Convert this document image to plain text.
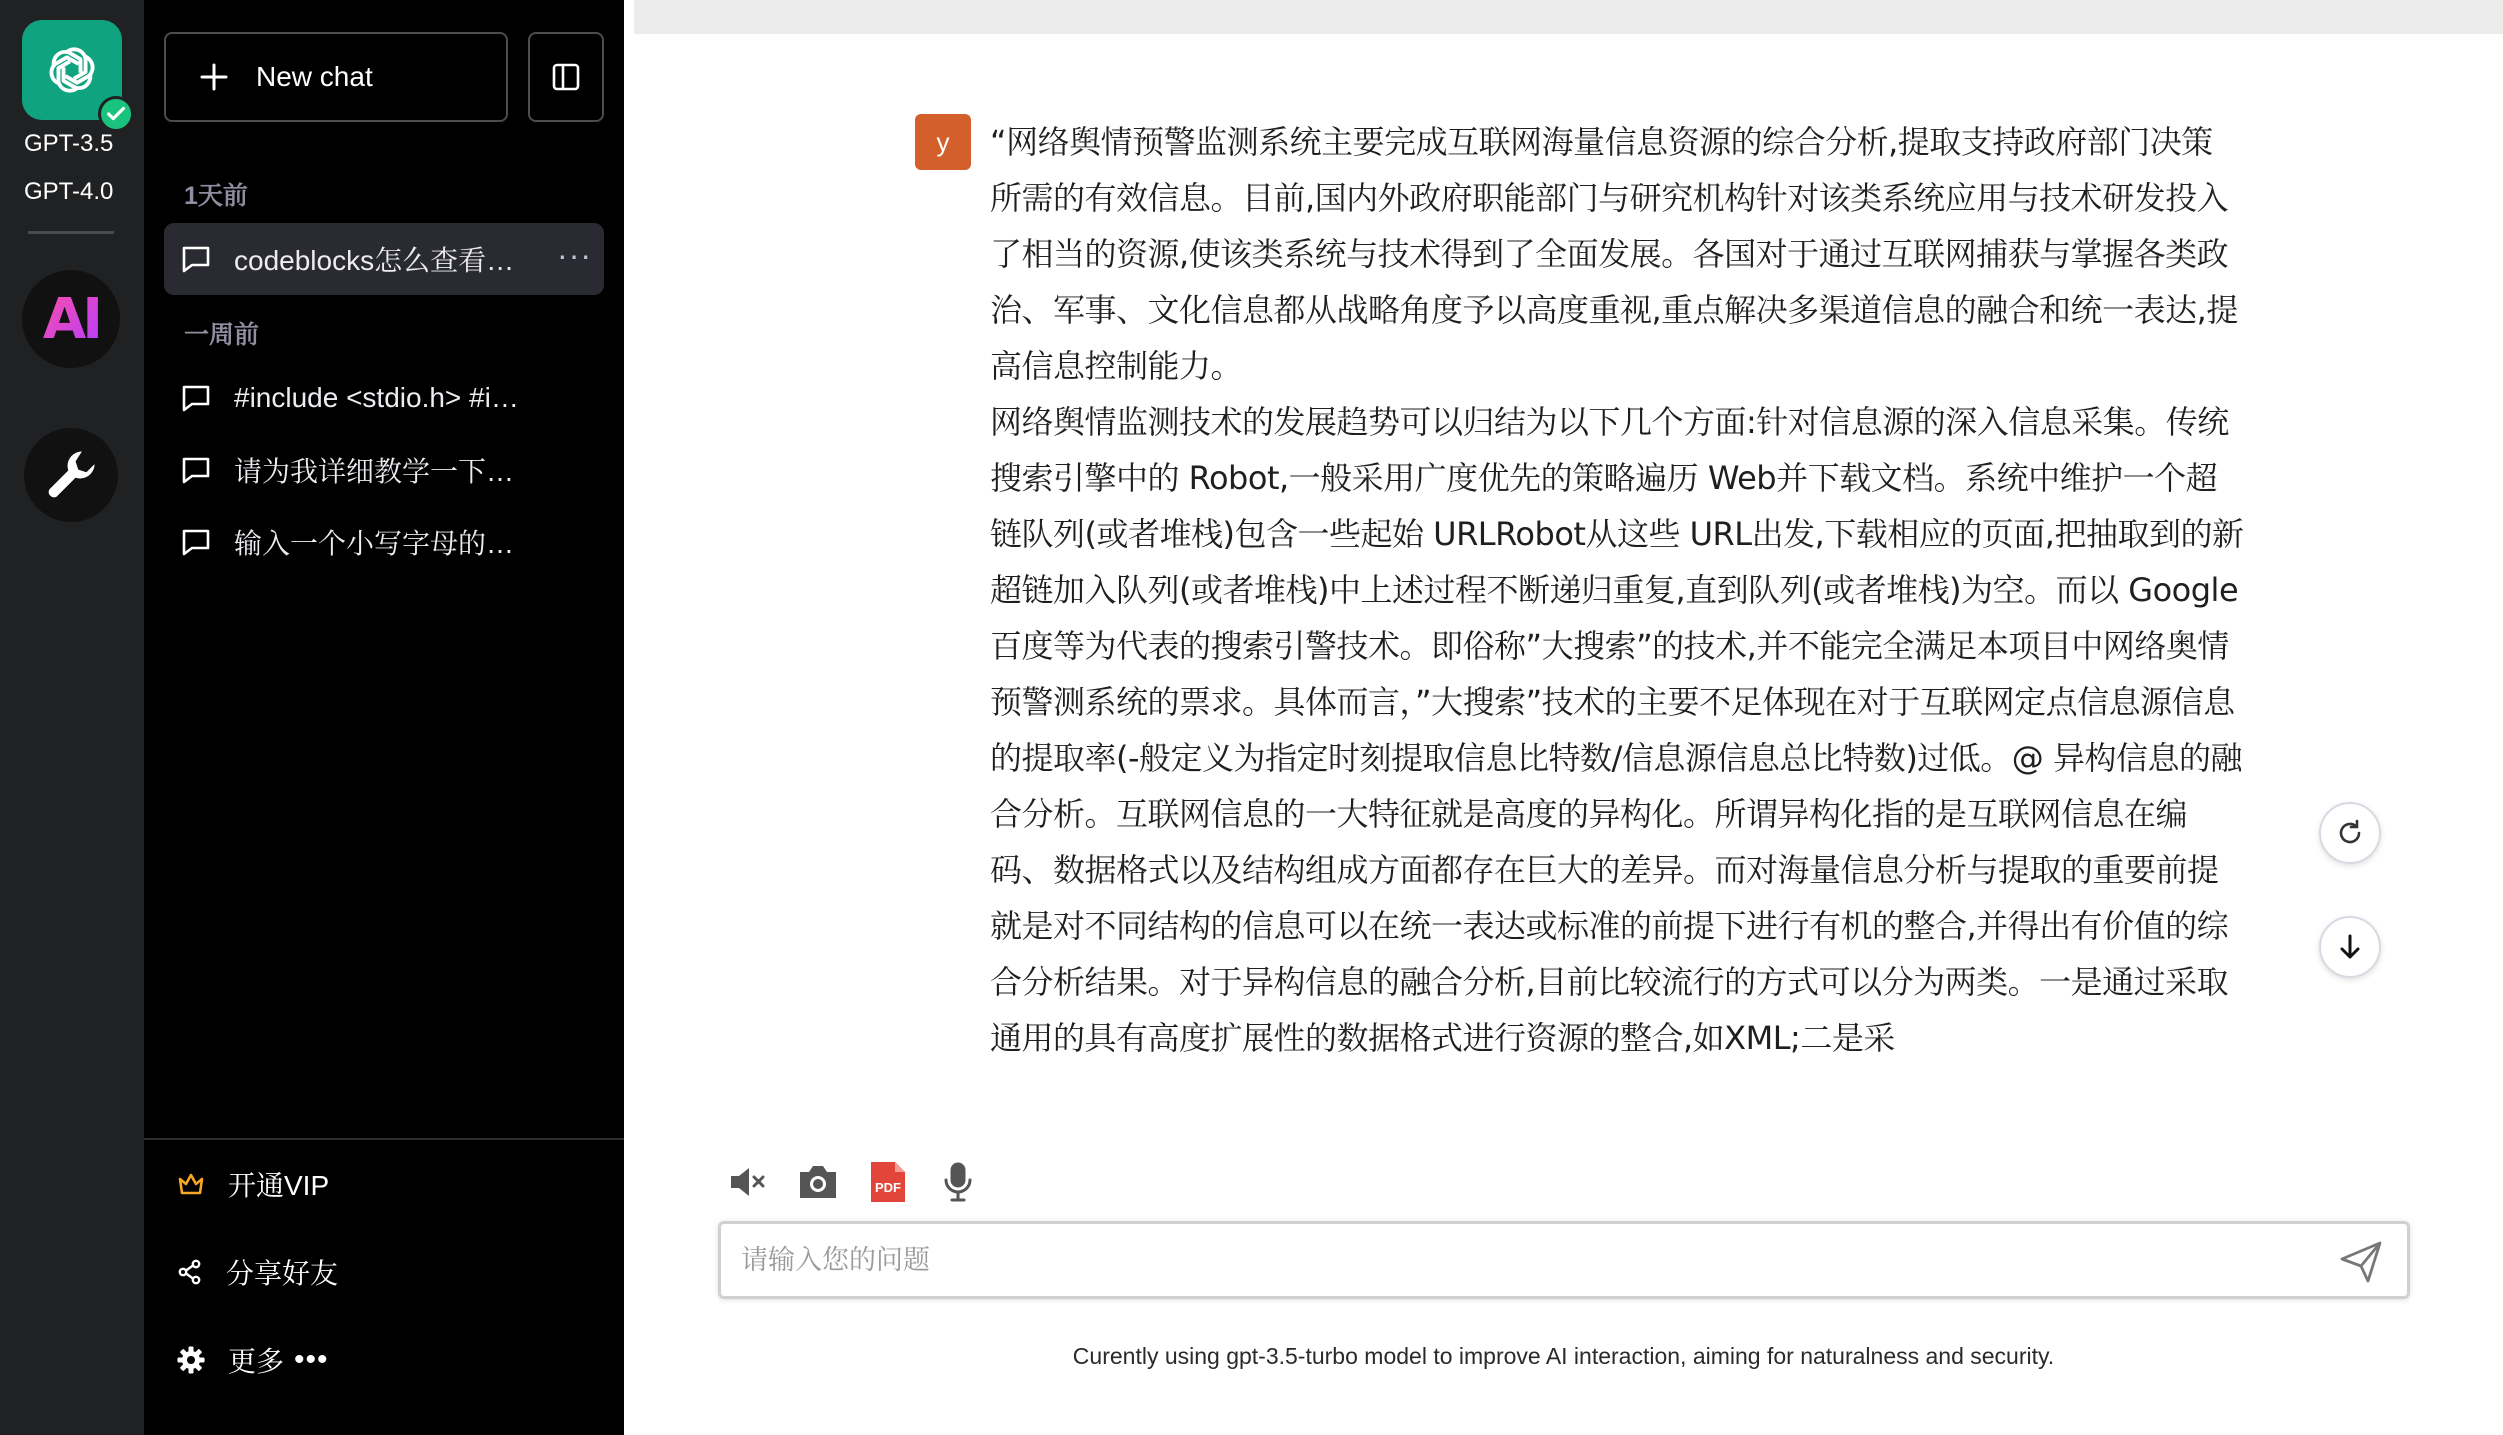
GPT-3.5
GPT-4.0
AI
New chat
1天前
codeblocks怎么查看…	···
一周前
#include <stdio.h> #i…
请为我详细教学一下…
输入一个小写字母的…
开通VIP
分享好友
更多 •••
y	“网络舆情预警监测系统主要完成互联网海量信息资源的综合分析,提取支持政府部门决策所需的有效信息。目前,国内外政府职能部门与研究机构针对该类系统应用与技术研发投入了相当的资源,使该类系统与技术得到了全面发展。各国对于通过互联网捕获与掌握各类政治、军事、文化信息都从战略角度予以高度重视,重点解决多渠道信息的融合和统一表达,提高信息控制能力。

网络舆情监测技术的发展趋势可以归结为以下几个方面:针对信息源的深入信息采集。传统搜索引擎中的 Robot,一般采用广度优先的策略遍历 Web并下载文档。系统中维护一个超链队列(或者堆栈)包含一些起始 URLRobot从这些 URL出发,下载相应的页面,把抽取到的新超链加入队列(或者堆栈)中上述过程不断递归重复,直到队列(或者堆栈)为空。而以 Google 百度等为代表的搜索引警技术。即俗称”大搜索”的技术,并不能完全满足本项目中网络奥情预警测系统的票求。具体而言，”大搜索”技术的主要不足体现在对于互联网定点信息源信息的提取率(-般定义为指定时刻提取信息比特数/信息源信息总比特数)过低。@ 异构信息的融合分析。互联网信息的一大特征就是高度的异构化。所谓异构化指的是互联网信息在编码、数据格式以及结构组成方面都存在巨大的差异。而对海量信息分析与提取的重要前提就是对不同结构的信息可以在统一表达或标准的前提下进行有机的整合,并得出有价值的综合分析结果。对于异构信息的融合分析,目前比较流行的方式可以分为两类。一是通过采取通用的具有高度扩展性的数据格式进行资源的整合,如XML;二是采

PDF
请输入您的问题
Curently using gpt-3.5-turbo model to improve AI interaction, aiming for naturalness and security.
